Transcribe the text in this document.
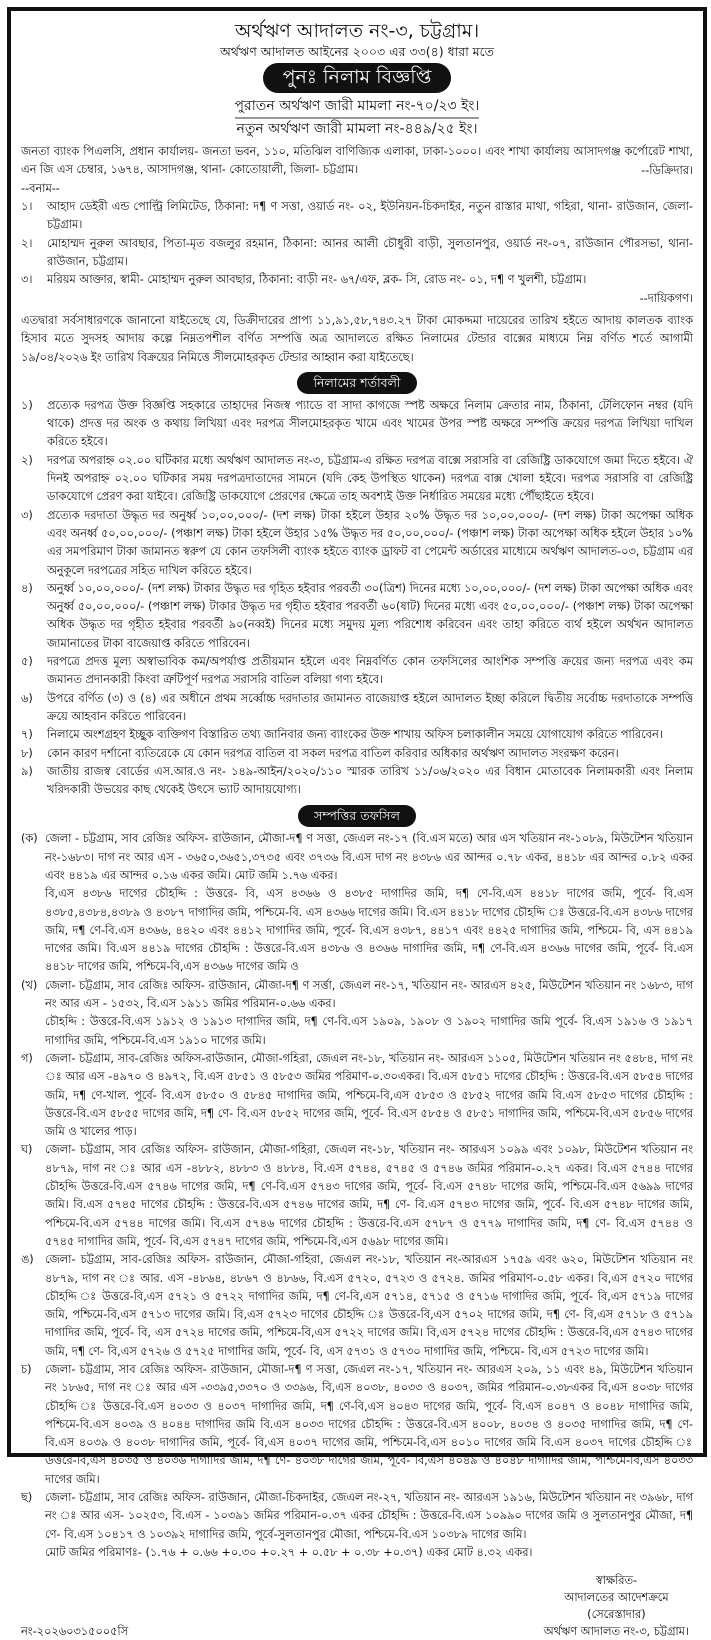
অর্থঋণ আদালত নং-৩, চট্টগ্রাম।
অর্থঋণ আদালত আইনের ২০০৩ এর ৩৩(৪) ধারা মতে
পুনঃ নিলাম বিজ্ঞপ্তি
পুরাতন অর্থঋণ জারী মামলা নং-৭০/২৩ ইং।
নতুন অর্থঋণ জারী মামলা নং-৪৪৯/২৫ ইং।
জনতা ব্যাংক পিএলসি, প্রধান কার্যালয়- জনতা ভবন, ১১০, মতিঝিল বাণিজ্যিক এলাকা, ঢাকা-১০০০। এবং শাখা কার্যালয় আসাদগঞ্জ কর্পোরেট শাখা, এন জি এস চেম্বার, ১৬৭৪, আসাদগঞ্জ, থানা- কোতোয়ালী, জিলা- চট্টগ্রাম।	--ডিক্রিদার।
--বনাম--
১।	আহাদ ডেইরী এন্ড পোল্ট্রি লিমিটেড, ঠিকানা: দ¶ ণ সত্তা, ওয়ার্ড নং- ০২, ইউনিয়ন-চিকদাইর, নতুন রাস্তার মাথা, গহিরা, থানা- রাউজান, জেলা-চট্টগ্রাম।
২।	মোহাম্মদ নুরুল আবছার, পিতা-মৃত বজলুর রহমান, ঠিকানা: আনর আলী চৌধুরী বাড়ী, সুলতানপুর, ওয়ার্ড নং-০৭, রাউজান পৌরসভা, থানা- রাউজান, চট্টগ্রাম।
৩।	মরিয়ম আক্তার, স্বামী- মোহাম্মদ নুরুল আবছার, ঠিকানা: বাড়ী নং- ৬৭/এফ, ব্লক- সি, রোড নং- ০১, দ¶ ণ খুলশী, চট্টগ্রাম।
--দায়িকগণ।
এতদ্বারা সর্বসাধারণকে জানানো যাইতেছে যে, ডিক্রীদারের প্রাপ্য ১১,৯১,৫৮,৭৪৩.২৭ টাকা মোকদ্দমা দায়েরের তারিখ হইতে আদায় কালতক ব্যাংক হিসাব মতে সুদসহ আদায় কল্পে নিম্নতপশীল বর্ণিত সম্পত্তি অত্র আদালতে রক্ষিত নিলামের টেন্ডার বাক্সের মাধ্যমে নিম্ন বর্ণিত শর্তে আগামী ১৯/০৪/২০২৬ ইং তারিখ বিক্রয়ের নিমিত্তে সীলমোহরকৃত টেন্ডার আহ্বান করা যাইতেছে।
নিলামের শর্তাবলী
১)	প্রত্যেক দরপত্র উক্ত বিজ্ঞপ্তি সহকারে তাহাদের নিজস্ব প্যাডে বা সাদা কাগজে স্পষ্ট অক্ষরে নিলাম ক্রেতার নাম, ঠিকানা, টেলিফোন নম্বর (যদি থাকে) প্রদত্ত দর অংক ও কথায় লিখিয়া এবং দরপত্র সীলমোহরকৃত খামে এবং খামের উপর স্পষ্ট অক্ষরে সম্পত্তি ক্রয়ের দরপত্র লিখিয়া দাখিল করিতে হইবে।
২)	দরপত্র অপরাহ্ন ০২.০০ ঘটিকার মধ্যে অর্থঋণ আদালত নং-৩, চট্টগ্রাম-এ রক্ষিত দরপত্র বাক্সে সরাসরি বা রেজিষ্ট্রি ডাকযোগে জমা দিতে হইবে। ঐ দিনই অপরাহ্ন ০২.০০ ঘটিকার সময় দরপত্রদাতাদের সামনে (যদি কেহ উপস্থিত থাকেন) দরপত্র বাক্স খোলা হইবে। দরপত্র সরাসরি বা রেজিষ্ট্রি ডাকযোগে প্রেরণ করা যাইবে। রেজিষ্ট্রি ডাকযোগে প্রেরণের ক্ষেত্রে তাহ অবশ্যই উক্ত নির্ধারিত সময়ের মধ্যে পৌঁছাইতে হইবে।
৩)	প্রত্যেক দরদাতা উদ্ধৃত দর অনুর্ধ্ব ১০,০০,০০০/- (দশ লক্ষ) টাকা হইলে উহার ২০% উদ্ধৃত দর ১০,০০,০০০/- (দশ লক্ষ) টাকা অপেক্ষা অধিক এবং অনর্ধ্ব ৫০,০০,০০০/- (পঞ্চাশ লক্ষ) টাকা হইলে উহার ১৫% উদ্ধৃত দর ৫০,০০,০০০/- (পঞ্চাশ লক্ষ) টাকা অপেক্ষা অধিক হইলে উহার ১০% এর সমপরিমাণ টাকা জামানত স্বরুপ যে কোন তফসিলী ব্যাংক হইতে ব্যাংক ড্রাফট বা পেমেন্ট অর্ডারের মাধ্যেমে অর্থঋণ আদালত-০৩, চট্টগ্রাম এর অনুকূলে দরপত্রের সহিত দাখিল করিতে হইবে।
৪)	অনুর্ধ্ব ১০,০০,০০০/- (দশ লক্ষ) টাকার উদ্ধৃত দর গৃহিত হইবার পরবর্তী ৩০(ত্রিশ) দিনের মধ্যে ১০,০০,০০০/- (দশ লক্ষ) টাকা অপেক্ষা অধিক এবং অনুর্ধ্ব ৫০,০০,০০০/- (পঞ্চাশ লক্ষ) টাকার উদ্ধৃত দর গৃহীত হইবার পরবর্তী ৬০(ষাট) দিনের মধ্যে এবং ৫০,০০,০০০/- (পঞ্চাশ লক্ষ) টাকা অপেক্ষা অধিক উদ্ধৃত দর গৃহীত হইবার পরবর্তী ৯০(নব্বই) দিনের মধ্যে সমুদয় মূল্য পরিশোধ করিবেন এবং তাহা করিতে ব্যর্থ হইলে অর্থখন আদালত জামানাতের টাকা বাজেয়াপ্ত করিতে পারিবেন।
৫)	দরপত্রে প্রদত্ত মূল্য অস্বাভাবিক কম/অপর্যাপ্ত প্রতীয়মান হইলে এবং নিম্নবর্ণিত কোন তফসিলের আংশিক সম্পত্তি ক্রয়ের জন্য দরপত্র এবং কম জমানত প্রদানকারী কিংবা ত্রুটিপূর্ণ দরপত্র সরাসরি বাতিল বলিয়া গণ্য হইবে।
৬)	উপরে বর্ণিত (৩) ও (৪) এর অধীনে প্রথম সর্ব্বোচ্চ দরদাতার জামানত বাজেয়াপ্ত হইলে আদালত ইচ্ছা করিলে দ্বিতীয় সর্বোচ্চ দরদাতাকে সম্পত্তি ক্রয়ে আহবান করিতে পারিবেন।
৭)	নিলামে অংশগ্রহণ ইচ্ছুক ব্যক্তিগণ বিস্তারিত তথ্য জানিবার জন্য ব্যাংকের উক্ত শাখায় অফিস চলাকালীন সময়ে যোগাযোগ করিতে পারিবেন।
৮)	কোন কারণ দর্শানো ব্যতিরেকে যে কোন দরপত্র বাতিল বা সকল দরপত্র বাতিল করিবার অধিকার অর্থঋণ আদালত সংরক্ষণ করেন।
৯)	জাতীয় রাজস্ব বোর্ডের এস.আর.ও নং- ১৪৯-আইন/২০২০/১১০ স্মারক তারিখ ১১/০৬/২০২০ এর বিধান মোতাবেক নিলামকারী এবং নিলাম খরিদকারী উভয়ের কাছ থেকেই উৎসে ভ্যাট আদায়যোগ্য।
সম্পত্তির তফসিল
(ক) জেলা - চট্টগ্রাম, সাব রেজিঃ অফিস- রাউজান, মৌজা-দ¶ ণ সত্তা, জেএল নং-১৭ (বি.এস মতে) আর এস খতিয়ান নং-১০৮৯, মিউটেশন খতিয়ান নং-১৬৮৩। দাগ নং আর এস - ৩৬৫০,৩৬৫১,৩৭৩৫ এবং ৩৭৩৬ বি.এস দাগ নং ৪৩৮৬ এর আন্দর ০.৭৮ একর, ৪৪১৮ এর আন্দর ০.৮২ একর এবং ৪৪১৯ এর আন্দর ০.১৬ একর জমি। মোট জমি ১.৭৬ একর।
বি,এস ৪৩৮৬ দাগের চৌহদ্দি : উত্তরে- বি, এস ৪৩৬৬ ও ৪৩৮৫ দাগাদির জমি, দ¶ ণে-বি.এস ৪৪১৮ দাগের জমি, পূর্বে- বি.এস ৪৩৮৫,৪৩৮৪,৪৩৮৯ ও ৪৩৮৭ দাগাদির জমি, পশ্চিমে-বি. এস ৪৩৬৬ দাগের জমি। বি.এস ৪৪১৮ দাগের চৌহদ্দি ঃ উত্তরে-বি.এস ৪৩৮৬ দাগের জমি, দ¶ ণে-বি.এস ৪৩৬৬, ৪৪২০ এবং ৪৪১২ দাগাদির জমি, পূর্বে- বি.এস ৪৩৮৭, ৪৪১৭ এবং ৪৪২৫ দাগাদির জমি, পশ্চিমে- বি, এস ৪৪১৯ দাগের জমি। বি.এস ৪৪১৯ দাগের চৌহদ্দি : উত্তরে-বি.এস ৪৩৮৬ ও ৪৩৬৬ দাগাদির জমি, দ¶ ণে-বি.এস ৪৩৬৬ দাগের জমি, পূর্বে- বি.এস ৪৪১৮ দাগের জমি, পশ্চিমে-বি,এস ৪৩৬৬ দাগের জমি ও
(খ) জেলা- চট্টগ্রাম, সাব রেজিঃ অফিস- রাউজান, মৌজা-দ¶ ণ সর্ত্তা, জেএল নং-১৭, খতিয়ান নং- আরএস ৪২৫, মিউটেশন খতিয়ান নং ১৬৮৩, দাগ নং আর এস - ১৫৩২, বি.এস ১৯১১ জমির পরিমান-০.৬৬ একর।
চৌহদ্দি : উত্তরে-বি.এস ১৯১২ ও ১৯১৩ দাগাদির জমি, দ¶ ণে-বি.এস ১৯০৯, ১৯০৮ ও ১৯০২ দাগাদির জমি পূর্বে- বি.এস ১৯১৬ ও ১৯১৭ দাগাদির জমি, পশ্চিমে-বি.এস ১৯১০ দাগের জমি।
গ)	জেলা- চট্টগ্রাম, সাব-রেজিঃ অফিস-রাউজান, মৌজা-গহিরা, জেএল নং-১৮, খতিয়ান নং- আরএস ১১০৫, মিউটেশন খতিয়ান নং ৫৪৮৪, দাগ নং ঃ আর এস -৪৯৭০ ও ৪৯৭২, বি.এস ৫৮৫১ ও ৫৮৫৩ জমির পরিমাণ-০.৩০একর। বি.এস ৫৮৫১ দাগের চৌহদ্দি : উত্তরে-বি.এস ৫৮৫৪ দাগের জমি, দ¶ ণে-খাল. পূর্বে- বি.এস ৫৮৫০ ও ৫৮৪৫ দাগাদির জমি, পশ্চিমে-বি,এস ৫৮৫৩ ও ৫৮৫২ দাগের জমি বি.এস ৫৮৫৩ দাগের চৌহদ্দি : উত্তরে-বি.এস ৫৮৫৫ দাগের জমি, দ¶ ণে- বি.এস ৫৮৫২ দাগের জমি, পূর্বে- বি.এস ৫৮৫৪ ও ৫৮৫১ দাগাদির জমি, পশ্চিমে-বি.এস ৫৮৫৬ দাগের জমি ও খালের পাড়।
ঘ)	জেলা- চট্টগ্রাম, সাব রেজিঃ অফিস- রাউজান, মৌজা-গহিরা, জেএল নং-১৮, খতিয়ান নং- আরএস ১০৯৯ এবং ১০৯৮, মিউটেশন খতিয়ান নং ৪৮৭৯, দাগ নং ঃ আর এস -৪৮৮২, ৪৮৮৩ ও ৪৮৮৪, বি.এস ৫৭৪৪, ৫৭৪৫ ও ৫৭৪৬ জমির পরিমান-০.২৭ একর। বি.এস ৫৭৪৪ দাগের চৌহদ্দি উত্তরে-বি.এস ৫৭৪৬ দাগের জমি, দ¶ ণে-বি.এস ৫৭৪৩ দাগের জমি, পূর্বে- বি.এস ৫৭৪৮ দাগের জমি, পশ্চিমে-বি.এস ৫৬৯৯ দাগের জমি। বি.এস ৫৭৪৫ দাগের চৌহদ্দি : উত্তরে-বি.এস ৫৭৪৬ দাগের জমি, দ¶ ণে- বি.এস ৫৭৪৩ দাগের জমি, পূর্বে- বি.এস ৫৭৪৮ দাগের জমি, পশ্চিমে-বি.এস ৫৭৪৪ দাগের জমি। বি.এস ৫৭৪৬ দাগের চৌহদ্দি : উত্তরে-বি.এস ৫৭৮৭ ও ৫৭৭৯ দাগাদির জমি, দ¶ ণে- বি.এস ৫৭৪৪ ও ৫৭৪৫ দাগাদির জমি, পূর্বে- বি,এস ৫৭৪৭ দাগের জমি, পশ্চিমে-বি,এস ৫৬৯৮ দাগের জমি।
ঙ) জেলা- চট্টগ্রাম, সাব-রেজিঃ অফিস- রাউজান, মৌজা-গহিরা, জেএল নং-১৮, খতিয়ান নং-আরএস ১৭৫৯ এবং ৬২০, মিউটেশন খতিয়ান নং ৪৮৭৯, দাগ নং ঃ আর. এস -৪৮৬৪, ৪৮৬৭ ও ৪৮৬৬, বি.এস ৫৭২০, ৫৭২৩ ও ৫৭২৪. জমির পরিমাণ-০.৫৮ একর। বি,এস ৫৭২০ দাগের চৌহদ্দি ঃ উত্তরে-বি,এস ৫৭২১ ও ৫৭২২ দাগাদির জমি, দ¶ ণে-বি,এস ৫৭১৪, ৫৭১৫ ও ৫৭১৬ দাগাদির জমি, পূর্বে- বি,এস ৫৭১৯ দাগের জমি, পশ্চিমে-বি,এস ৫৭১৩ দাগের জমি। বি,এস ৫৭২৩ দাগের চৌহদ্দি ঃ উত্তরে-বি,এস ৫৭০২ দাগের জমি, দ¶ ণে- বি,এস ৫৭১৮ ও ৫৭১৯ দাগাদির জমি, পূর্বে- বি, এস ৫৭২৪ দাগের জমি, পশ্চিমে-বি,এস ৫৭২২ দাগের জমি। বি,এস ৫৭২৪ দাগের চৌহদ্দি : উত্তরে-বি,এস ৫৭৪৩ দাগের জমি, দ¶ ণে- বি,এস ৫৭২৬ ও ৫৭২৫ দাগাদির জমি, পূর্বে- বি, এস ৫৭৩১ ও ৫৭৩০ দাগাদির জমি, পশ্চিমে- বি,এস ৫৭২৩ দাগের জমি।
চ)	জেলা- চট্টগ্রাম, সাব রেজিঃ অফিস- রাউজান, মৌজা-দ¶ ণ সত্তা, জেএল নং-১৭, খতিয়ান নং- আরএস ২০৯, ১১ এবং ৪৯, মিউটেশন খতিয়ান নং ১৮৬৫, দাগ নং ঃ আর এস -৩৩৯৫,৩৩৭০ ও ৩৩৯৬, বি,এস ৪০৩৮, ৪০৩৩ ও ৪০৩৭, জমির পরিমান-০.৩৮একর বি,এস ৪০৩৮ দাগের চৌহদ্দি ঃ উত্তরে-বি.এস ৪০৩৩ ও ৪০৩৭ দাগাদির জমি, দ¶ ণে-বি,এস ৪০৪৩ দাগের জমি, পূর্বে- বি.এস ৪০৪৭ ও ৪০৪৮ দাগাদির জমি, পশ্চিমে-বি.এস ৪০৩৯ ও ৪০৪৪ দাগাদির জমি বি.এস ৪০৩৩ দাগের চৌহদ্দি : উত্তরে-বি.এস ৪০০৮, ৪০৩৪ ও ৪০৩৫ দাগাদির জমি, দ¶ ণে-বি.এস ৪০৩৯ ও ৪০৩৮ দাগাদির জমি, পূর্বে- বি,এস ৪০৩৭ দাগের জমি, পশ্চিমে-বি,এস ৪০১০ দাগের জমি বি.এস ৪০৩৭ দাগের চৌহদ্দি ঃ উত্তরে-বি,এস ৪০৩৫ ও ৪০৩৬ দাগাদির জমি, দ¶ ণে- ৪০৩৮ দাগের জমি, পূর্বে- বি,এস ৪০৪৯ ও ৪০৪৮ দাগাদির জমি, পশ্চিমে-বি,এস ৪০৩৩ দাগের জমি।
ছ)	জেলা- চট্টগ্রাম, সাব রেজিঃ অফিস- রাউজান, মৌজা-চিকদাইর, জেএল নং-২৭, খতিয়ান নং- আরএস ১৯১৬, মিউটেশন খতিয়ান নং ৩৯৬৮, দাগ নং ঃ আর এস- ১০২৫৩, বি.এস - ১০৩৯১ জমির পরিমান-০.৩৭ একর চৌহদ্দি : উত্তরে-বি.এস ১০৯৯০ দাগের জমি ও সুলতানপুর মৌজা, দ¶ ণে- বি.এস ১০৪১৭ ও ১০৩৯২ দাগাদির জমি, পূর্বে-সুলতানপুর মৌজা, পশ্চিমে-বি.এস ১০৩৮৯ দাগের জমি।
মোট জমির পরিমাণঃ- (১.৭৬ + ০.৬৬ +০.৩০ +০.২৭ + ০.৫৮ + ০.৩৮ +০.৩৭) একর মোট ৪.৩২ একর।
নং-২০২৬০৩১৫০০৫সি
স্বাক্ষরিত-
আদালতের আদেশক্রমে
(সেরেস্তাদার)
অর্থঋণ আদালত নং-৩, চট্টগ্রাম।
